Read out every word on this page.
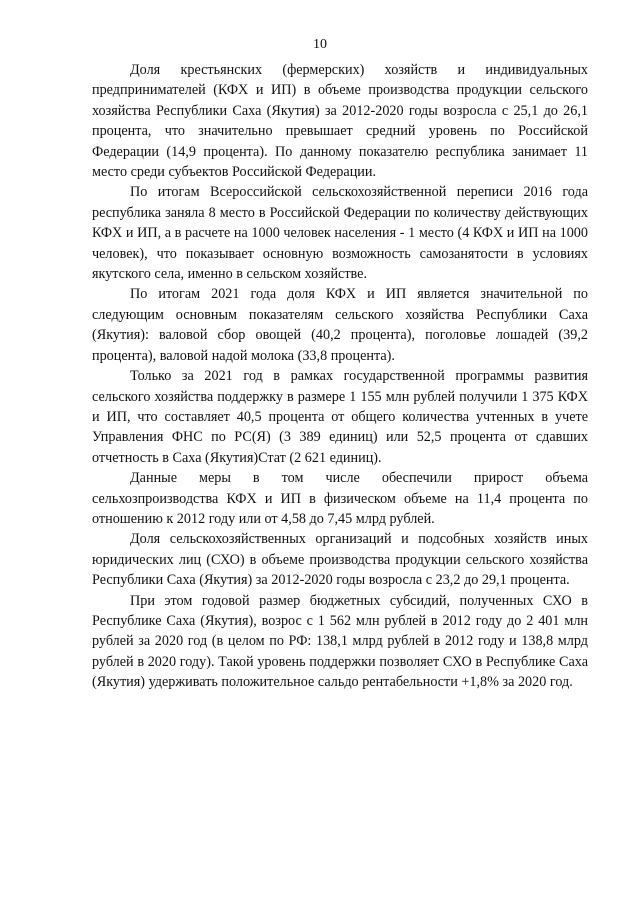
10

Доля крестьянских (фермерских) хозяйств и индивидуальных предпринимателей (КФХ и ИП) в объеме производства продукции сельского хозяйства Республики Саха (Якутия) за 2012-2020 годы возросла с 25,1 до 26,1 процента, что значительно превышает средний уровень по Российской Федерации (14,9 процента). По данному показателю республика занимает 11 место среди субъектов Российской Федерации.

По итогам Всероссийской сельскохозяйственной переписи 2016 года республика заняла 8 место в Российской Федерации по количеству действующих КФХ и ИП, а в расчете на 1000 человек населения - 1 место (4 КФХ и ИП на 1000 человек), что показывает основную возможность самозанятости в условиях якутского села, именно в сельском хозяйстве.

По итогам 2021 года доля КФХ и ИП является значительной по следующим основным показателям сельского хозяйства Республики Саха (Якутия): валовой сбор овощей (40,2 процента), поголовье лошадей (39,2 процента), валовой надой молока (33,8 процента).

Только за 2021 год в рамках государственной программы развития сельского хозяйства поддержку в размере 1 155 млн рублей получили 1 375 КФХ и ИП, что составляет 40,5 процента от общего количества учтенных в учете Управления ФНС по РС(Я) (3 389 единиц) или 52,5 процента от сдавших отчетность в Саха (Якутия)Стат (2 621 единиц).

Данные меры в том числе обеспечили прирост объема сельхозпроизводства КФХ и ИП в физическом объеме на 11,4 процента по отношению к 2012 году или от 4,58 до 7,45 млрд рублей.

Доля сельскохозяйственных организаций и подсобных хозяйств иных юридических лиц (СХО) в объеме производства продукции сельского хозяйства Республики Саха (Якутия) за 2012-2020 годы возросла с 23,2 до 29,1 процента.

При этом годовой размер бюджетных субсидий, полученных СХО в Республике Саха (Якутия), возрос с 1 562 млн рублей в 2012 году до 2 401 млн рублей за 2020 год (в целом по РФ: 138,1 млрд рублей в 2012 году и 138,8 млрд рублей в 2020 году). Такой уровень поддержки позволяет СХО в Республике Саха (Якутия) удерживать положительное сальдо рентабельности +1,8% за 2020 год.
